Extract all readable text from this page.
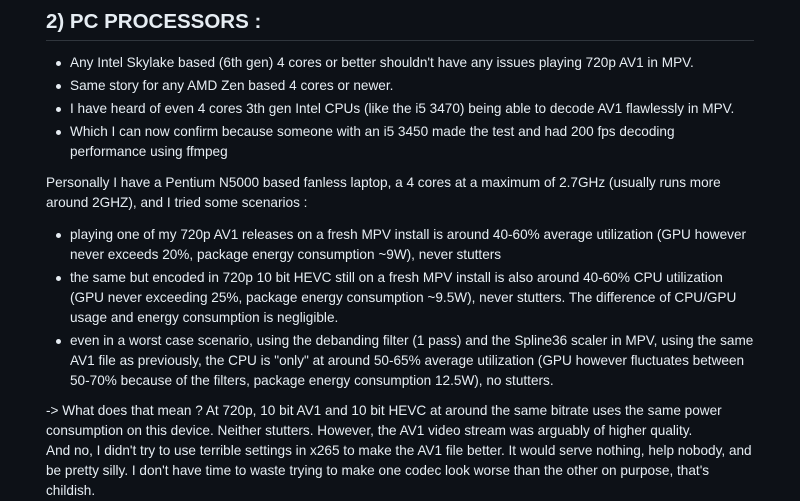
2) PC PROCESSORS :
Any Intel Skylake based (6th gen) 4 cores or better shouldn't have any issues playing 720p AV1 in MPV.
Same story for any AMD Zen based 4 cores or newer.
I have heard of even 4 cores 3th gen Intel CPUs (like the i5 3470) being able to decode AV1 flawlessly in MPV.
Which I can now confirm because someone with an i5 3450 made the test and had 200 fps decoding performance using ffmpeg

Personally I have a Pentium N5000 based fanless laptop, a 4 cores at a maximum of 2.7GHz (usually runs more around 2GHZ), and I tried some scenarios :

playing one of my 720p AV1 releases on a fresh MPV install is around 40-60% average utilization (GPU however never exceeds 20%, package energy consumption ~9W), never stutters
the same but encoded in 720p 10 bit HEVC still on a fresh MPV install is also around 40-60% CPU utilization (GPU never exceeding 25%, package energy consumption ~9.5W), never stutters. The difference of CPU/GPU usage and energy consumption is negligible.
even in a worst case scenario, using the debanding filter (1 pass) and the Spline36 scaler in MPV, using the same AV1 file as previously, the CPU is "only" at around 50-65% average utilization (GPU however fluctuates between 50-70% because of the filters, package energy consumption 12.5W), no stutters.

-> What does that mean ? At 720p, 10 bit AV1 and 10 bit HEVC at around the same bitrate uses the same power consumption on this device. Neither stutters. However, the AV1 video stream was arguably of higher quality.

And no, I didn't try to use terrible settings in x265 to make the AV1 file better. It would serve nothing, help nobody, and be pretty silly. I don't have time to waste trying to make one codec look worse than the other on purpose, that's childish.
